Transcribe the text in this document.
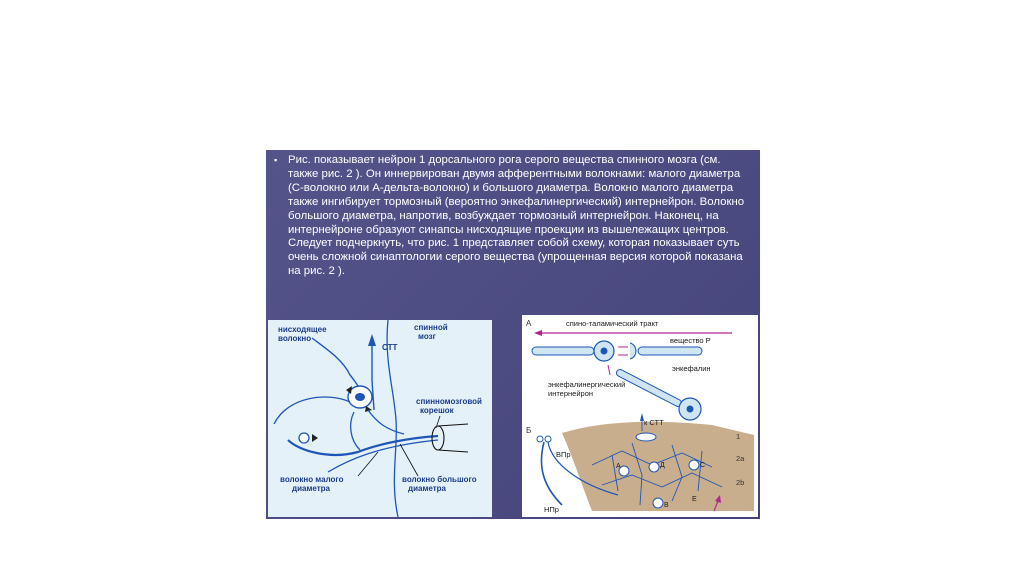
▪ Рис. показывает нейрон 1 дорсального рога серого вещества спинного мозга (см. также рис. 2 ). Он иннервирован двумя афферентными волокнами: малого диаметра (С-волокно или А-дельта-волокно) и большого диаметра. Волокно малого диаметра также ингибирует тормозный (вероятно энкефалинергический) интернейрон. Волокно большого диаметра, напротив, возбуждает тормозный интернейрон. Наконец, на интернейроне образуют синапсы нисходящие проекции из вышележащих центров. Следует подчеркнуть, что рис. 1 представляет собой схему, которая показывает суть очень сложной синаптологии серого вещества (упрощенная версия которой показана на рис. 2 ).

нисходящее
волокно
спинной
мозг
СТТ
спинномозговой
корешок
волокно малого
диаметра
волокно большого
диаметра
А	спино-таламический тракт
вещество Р
энкефалин
энкефалинергический
интернейрон
Б
к СТТ
ВПр
НПр
1
2а
2b
А	Д	С
В
Е
